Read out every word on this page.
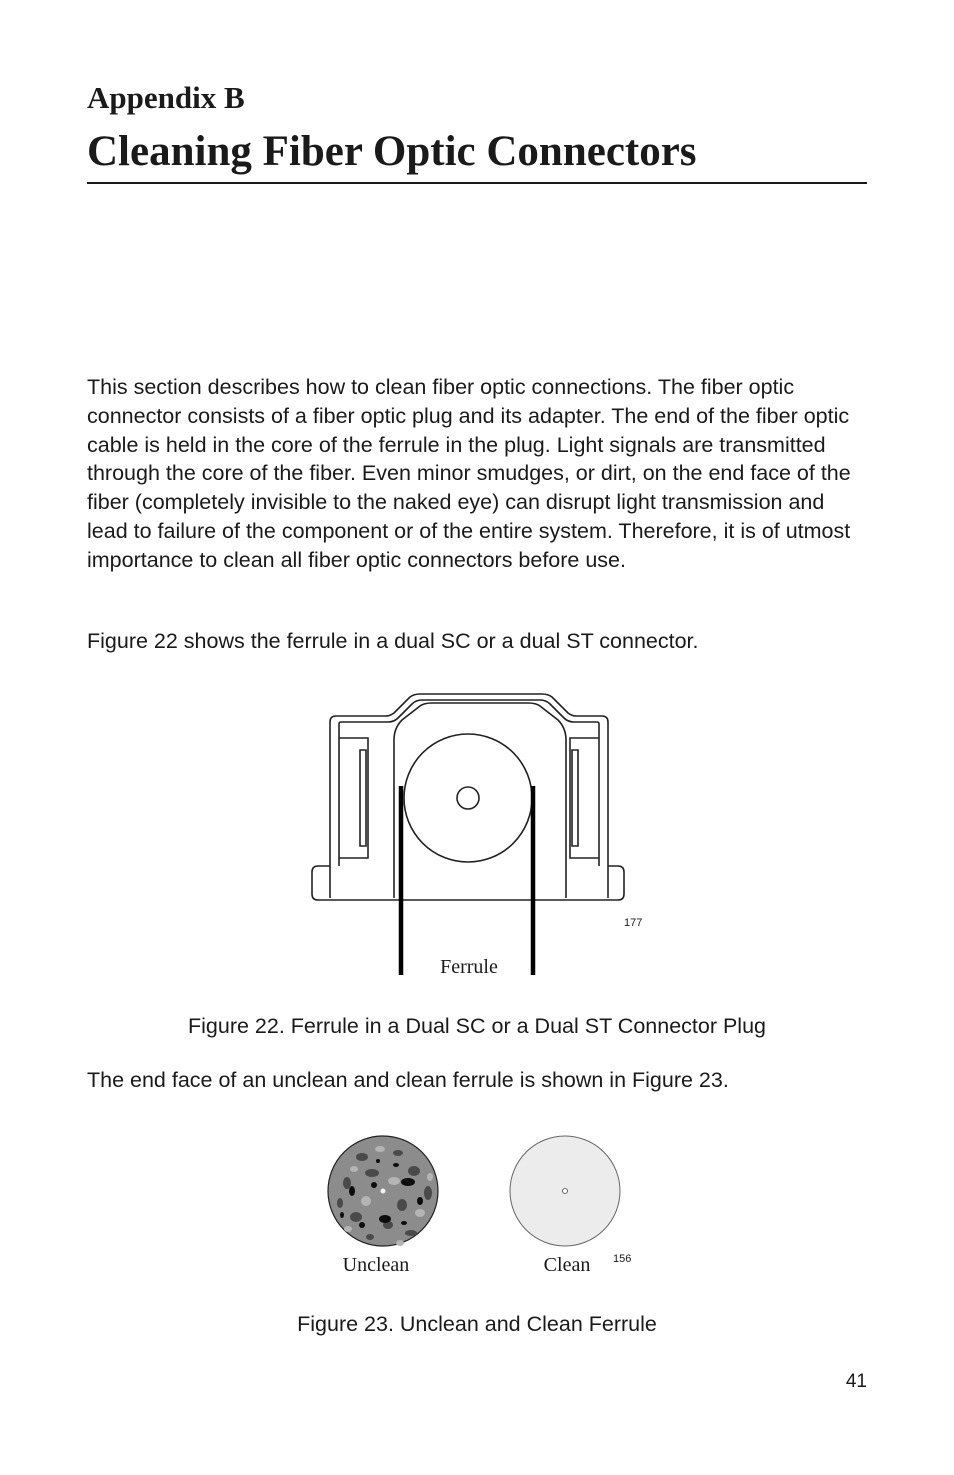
Appendix B
Cleaning Fiber Optic Connectors

This section describes how to clean fiber optic connections. The fiber optic connector consists of a fiber optic plug and its adapter. The end of the fiber optic cable is held in the core of the ferrule in the plug. Light signals are transmitted through the core of the fiber. Even minor smudges, or dirt, on the end face of the fiber (completely invisible to the naked eye) can disrupt light transmission and lead to failure of the component or of the entire system. Therefore, it is of utmost importance to clean all fiber optic connectors before use.

Figure 22 shows the ferrule in a dual SC or a dual ST connector.

Ferrule
177

Figure 22. Ferrule in a Dual SC or a Dual ST Connector Plug

The end face of an unclean and clean ferrule is shown in Figure 23.

Unclean	Clean 156

Figure 23. Unclean and Clean Ferrule

41
